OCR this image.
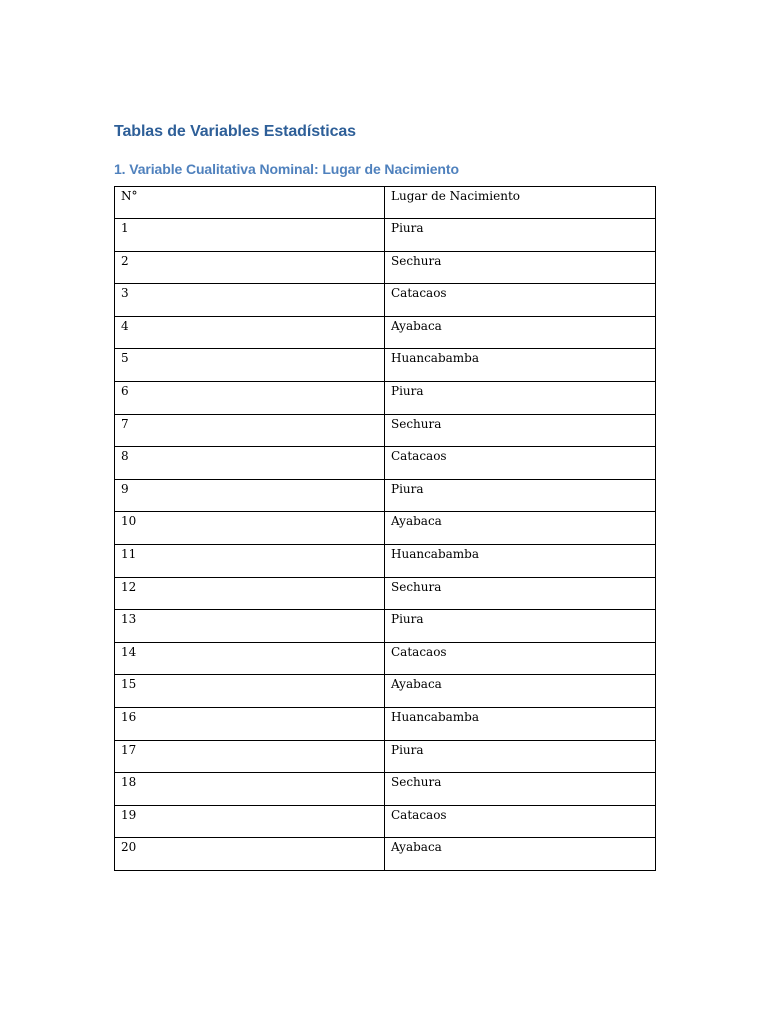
Tablas de Variables Estadísticas
1. Variable Cualitativa Nominal: Lugar de Nacimiento
N°	Lugar de Nacimiento
1	Piura
2	Sechura
3	Catacaos
4	Ayabaca
5	Huancabamba
6	Piura
7	Sechura
8	Catacaos
9	Piura
10	Ayabaca
11	Huancabamba
12	Sechura
13	Piura
14	Catacaos
15	Ayabaca
16	Huancabamba
17	Piura
18	Sechura
19	Catacaos
20	Ayabaca
